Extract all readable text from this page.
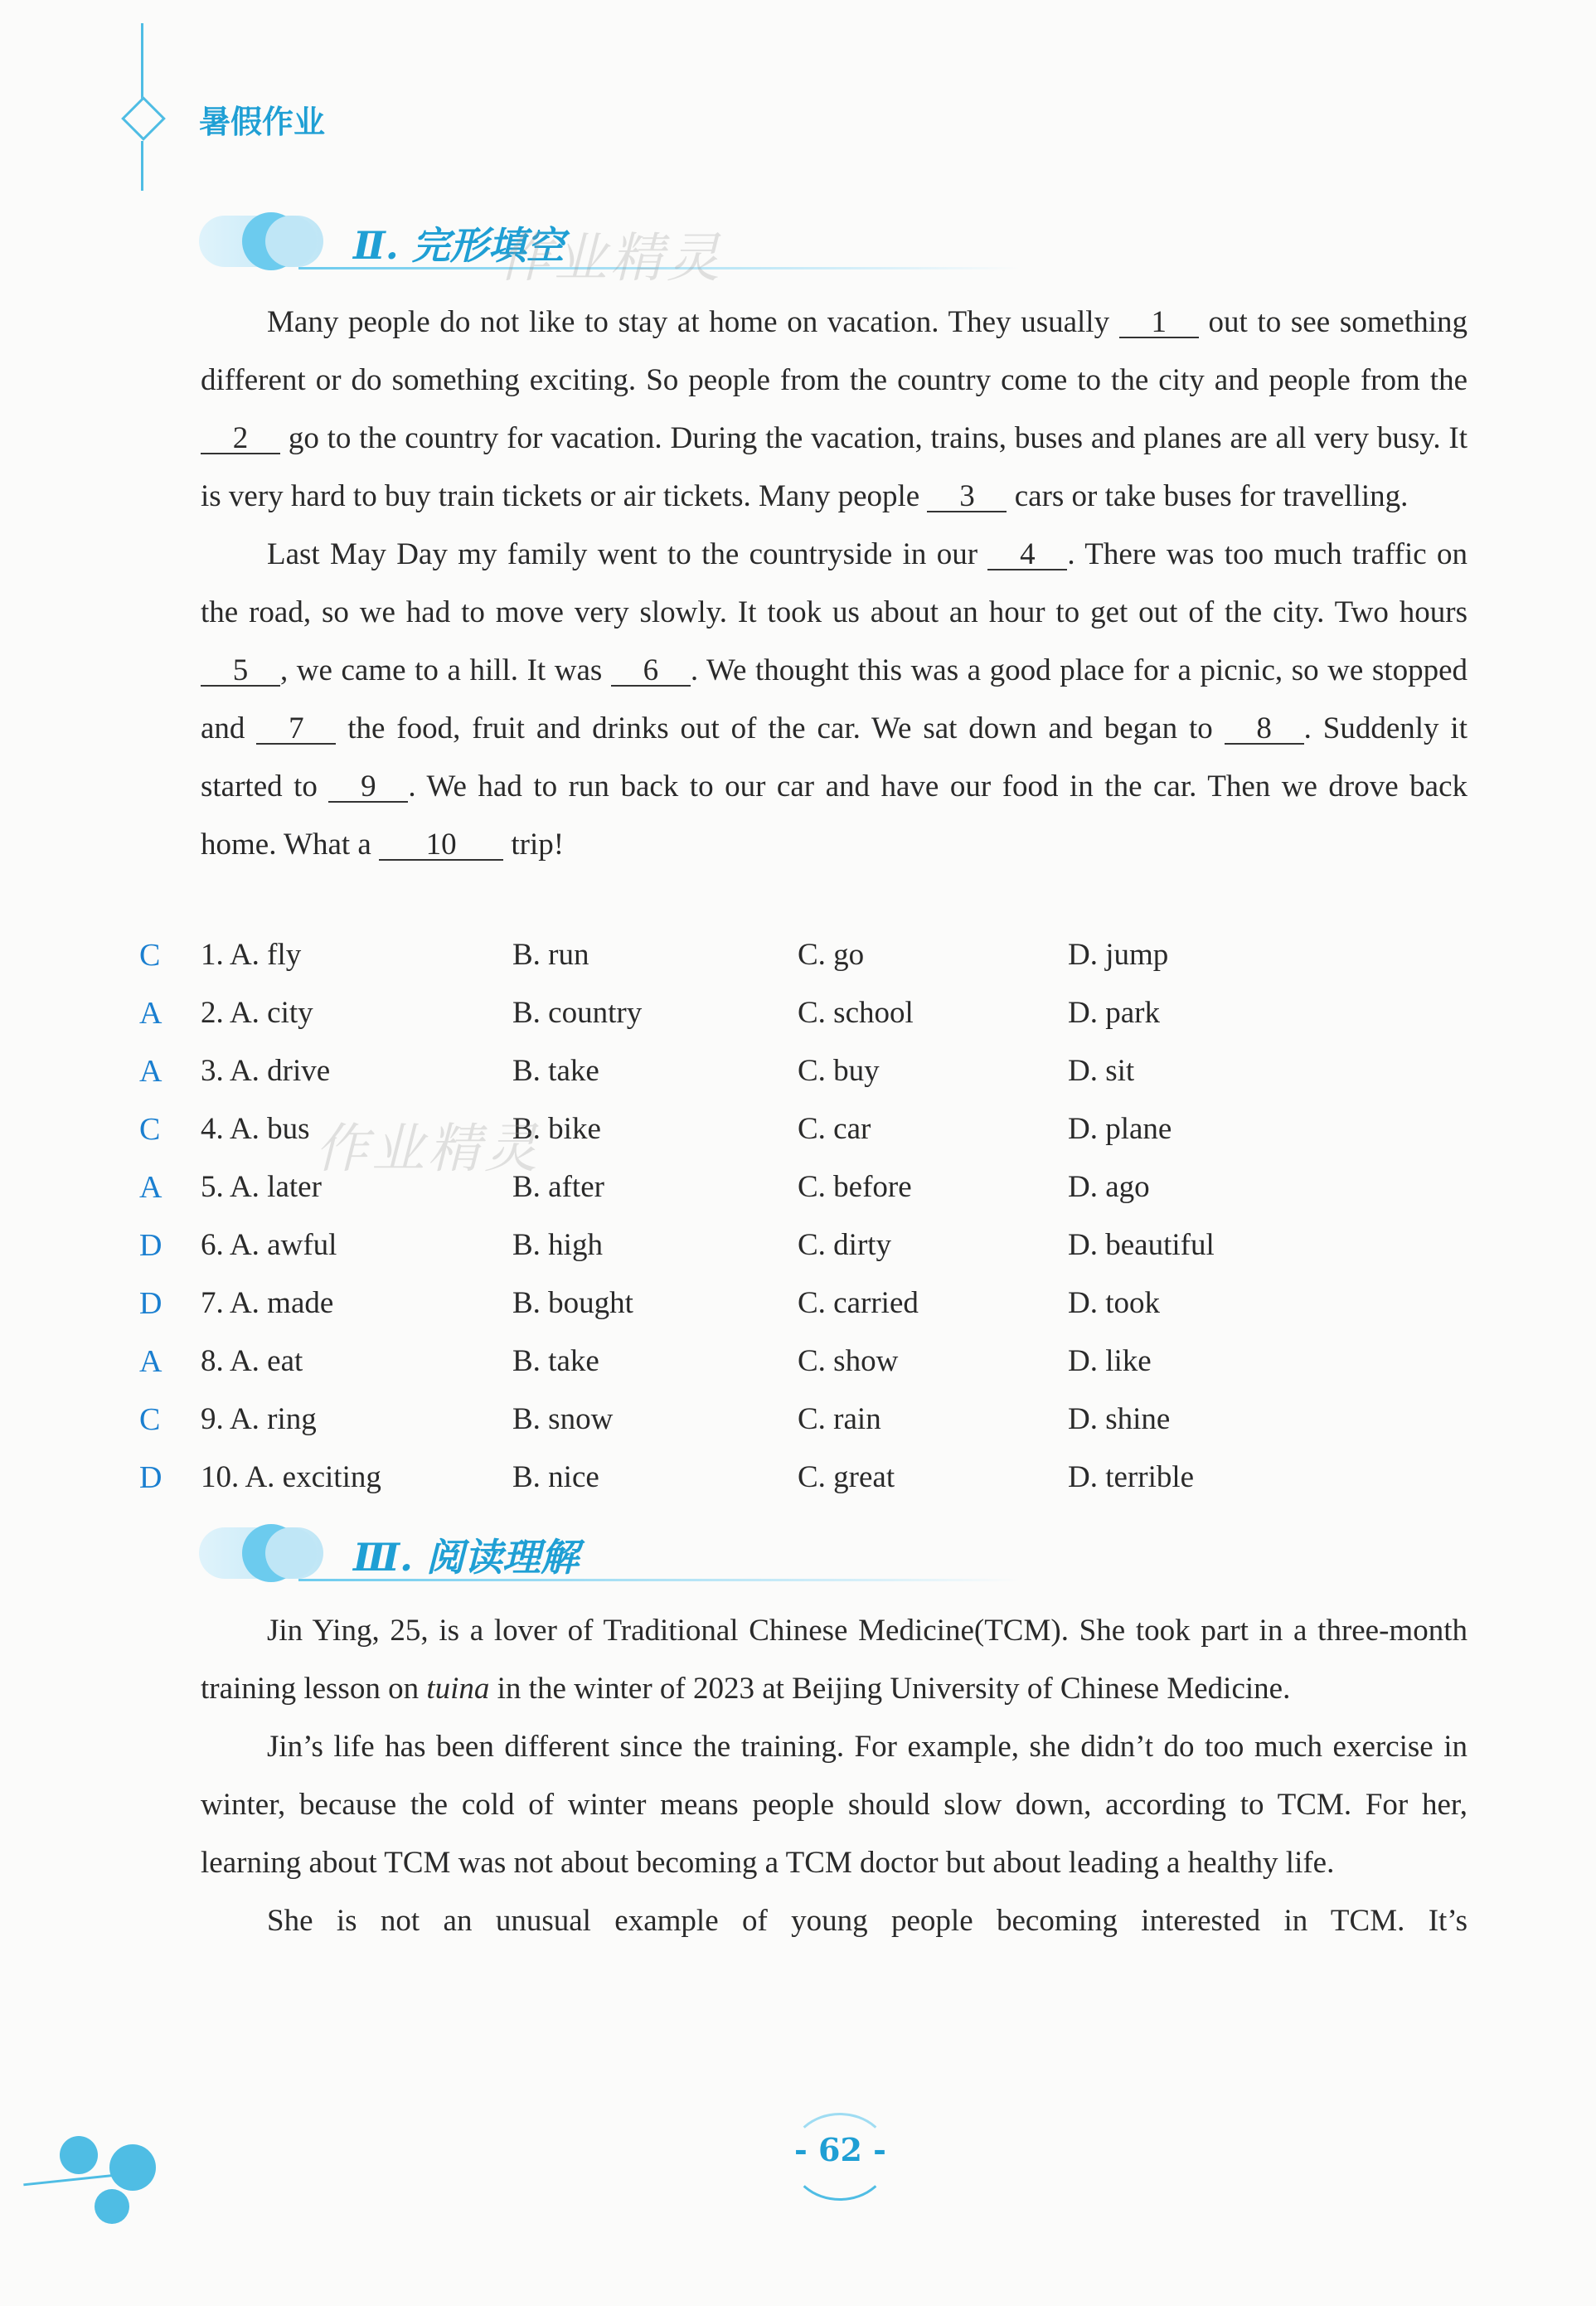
暑假作业
Ⅱ. 完形填空
作业精灵

Many people do not like to stay at home on vacation. They usually 1 out to see something different or do something exciting. So people from the country come to the city and people from the 2 go to the country for vacation. During the vacation, trains, buses and planes are all very busy. It is very hard to buy train tickets or air tickets. Many people 3 cars or take buses for travelling.

Last May Day my family went to the countryside in our 4 . There was too much traffic on the road, so we had to move very slowly. It took us about an hour to get out of the city. Two hours 5 , we came to a hill. It was 6 . We thought this was a good place for a picnic, so we stopped and 7 the food, fruit and drinks out of the car. We sat down and began to 8 . Suddenly it started to 9 . We had to run back to our car and have our food in the car. Then we drove back home. What a 10 trip!

C 1. A. fly	B. run	C. go	D. jump
A 2. A. city	B. country	C. school	D. park
A 3. A. drive	B. take	C. buy	D. sit
C 4. A. bus	B. bike	C. car	D. plane
作业精灵
A 5. A. later	B. after	C. before	D. ago
D 6. A. awful	B. high	C. dirty	D. beautiful
D 7. A. made	B. bought	C. carried	D. took
A 8. A. eat	B. take	C. show	D. like
C 9. A. ring	B. snow	C. rain	D. shine
D 10. A. exciting	B. nice	C. great	D. terrible
Ⅲ. 阅读理解

Jin Ying, 25, is a lover of Traditional Chinese Medicine(TCM). She took part in a three-month training lesson on tuina in the winter of 2023 at Beijing University of Chinese Medicine.

Jin’s life has been different since the training. For example, she didn’t do too much exercise in winter, because the cold of winter means people should slow down, according to TCM. For her, learning about TCM was not about becoming a TCM doctor but about leading a healthy life.

She is not an unusual example of young people becoming interested in TCM. It’s

- 62 -
